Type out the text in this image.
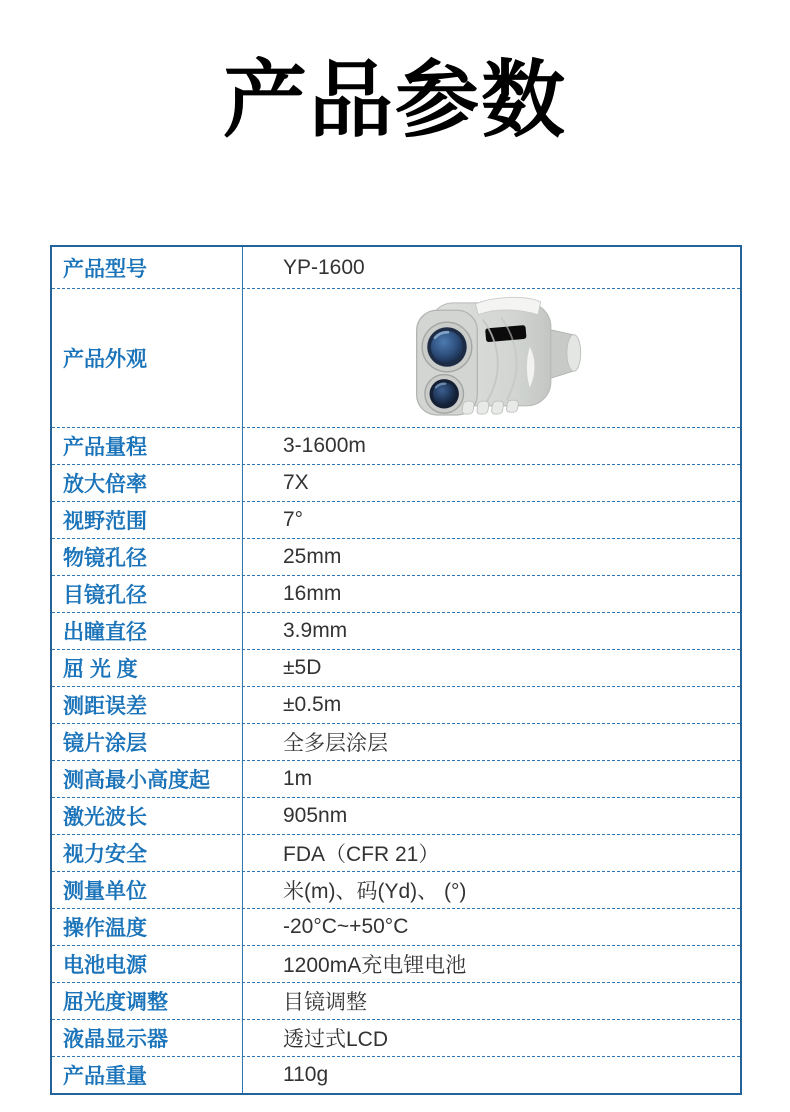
产品参数
产品型号	YP-1600
产品外观
产品量程	3-1600m
放大倍率	7X
视野范围	7°
物镜孔径	25mm
目镜孔径	16mm
出瞳直径	3.9mm
屈 光 度	±5D
测距误差	±0.5m
镜片涂层	全多层涂层
测高最小高度起	1m
激光波长	905nm
视力安全	FDA（CFR 21）
测量单位	米(m)、码(Yd)、 (°)
操作温度	-20°C~+50°C
电池电源	1200mA充电锂电池
屈光度调整	目镜调整
液晶显示器	透过式LCD
产品重量	110g
